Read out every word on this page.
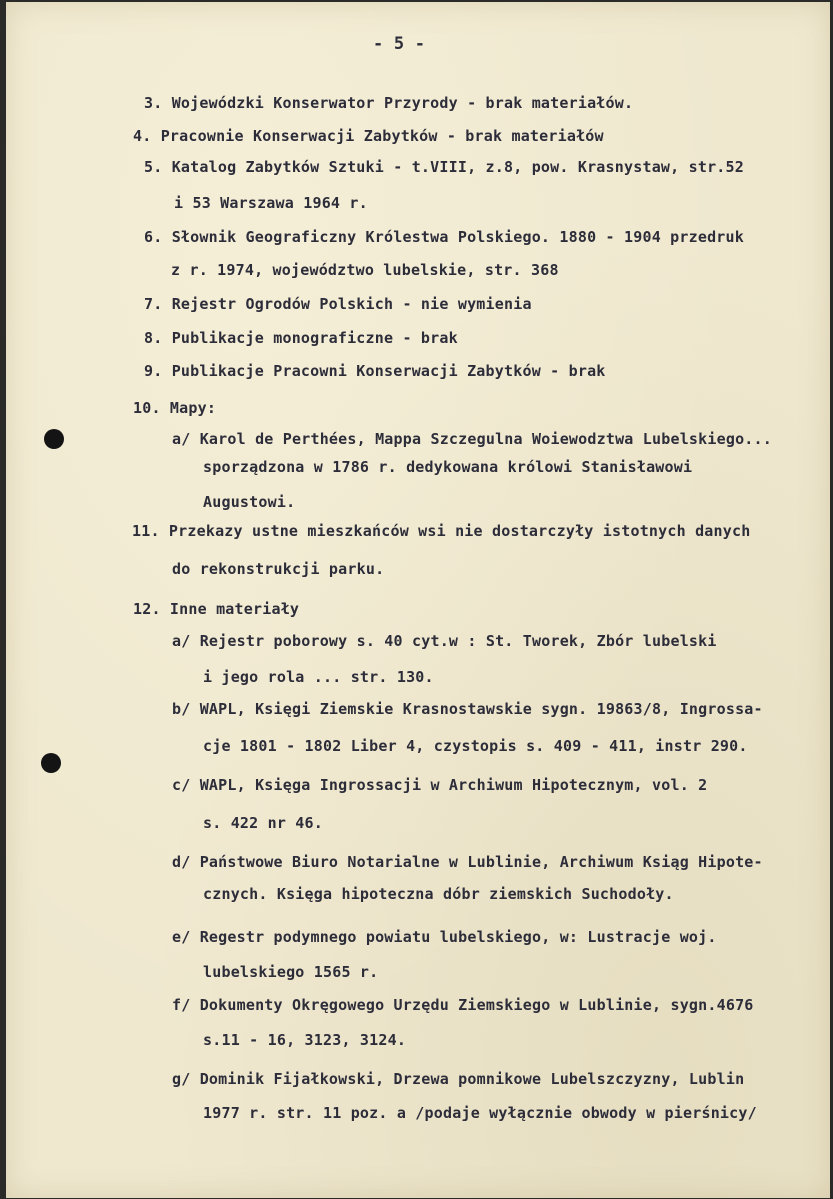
- 5 -
3. Wojewódzki Konserwator Przyrody - brak materiałów.
4. Pracownie Konserwacji Zabytków - brak materiałów
5. Katalog Zabytków Sztuki - t.VIII, z.8, pow. Krasnystaw, str.52
i 53 Warszawa 1964 r.
6. Słownik Geograficzny Królestwa Polskiego. 1880 - 1904 przedruk
z r. 1974, województwo lubelskie, str. 368
7. Rejestr Ogrodów Polskich - nie wymienia
8. Publikacje monograficzne - brak
9. Publikacje Pracowni Konserwacji Zabytków - brak
10. Mapy:
a/ Karol de Perthées, Mappa Szczegulna Woiewodztwa Lubelskiego...
sporządzona w 1786 r. dedykowana królowi Stanisławowi
Augustowi.
11. Przekazy ustne mieszkańców wsi nie dostarczyły istotnych danych
do rekonstrukcji parku.
12. Inne materiały
a/ Rejestr poborowy s. 40 cyt.w : St. Tworek, Zbór lubelski
i jego rola ... str. 130.
b/ WAPL, Księgi Ziemskie Krasnostawskie sygn. 19863/8, Ingrossa-
cje 1801 - 1802 Liber 4, czystopis s. 409 - 411, instr 290.
c/ WAPL, Księga Ingrossacji w Archiwum Hipotecznym, vol. 2
s. 422 nr 46.
d/ Państwowe Biuro Notarialne w Lublinie, Archiwum Ksiąg Hipote-
cznych. Księga hipoteczna dóbr ziemskich Suchodoły.
e/ Regestr podymnego powiatu lubelskiego, w: Lustracje woj.
lubelskiego 1565 r.
f/ Dokumenty Okręgowego Urzędu Ziemskiego w Lublinie, sygn.4676
s.11 - 16, 3123, 3124.
g/ Dominik Fijałkowski, Drzewa pomnikowe Lubelszczyzny, Lublin
1977 r. str. 11 poz. a /podaje wyłącznie obwody w pierśnicy/
